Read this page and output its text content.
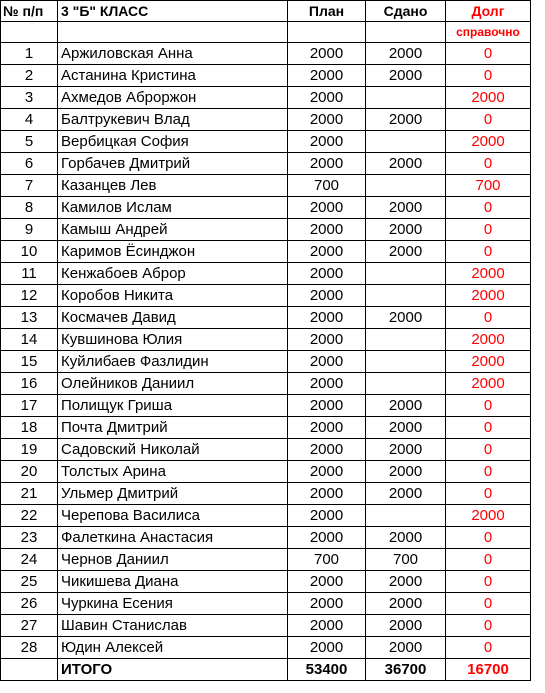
№ п/п	3 "Б" КЛАСС	План	Сдано	Долг
				справочно
1	Аржиловская Анна	2000	2000	0
2	Астанина Кристина	2000	2000	0
3	Ахмедов Аброржон	2000		2000
4	Балтрукевич Влад	2000	2000	0
5	Вербицкая София	2000		2000
6	Горбачев Дмитрий	2000	2000	0
7	Казанцев Лев	700		700
8	Камилов Ислам	2000	2000	0
9	Камыш Андрей	2000	2000	0
10	Каримов Ёсинджон	2000	2000	0
11	Кенжабоев Аброр	2000		2000
12	Коробов Никита	2000		2000
13	Космачев Давид	2000	2000	0
14	Кувшинова Юлия	2000		2000
15	Куйлибаев Фазлидин	2000		2000
16	Олейников Даниил	2000		2000
17	Полищук Гриша	2000	2000	0
18	Почта Дмитрий	2000	2000	0
19	Садовский Николай	2000	2000	0
20	Толстых Арина	2000	2000	0
21	Ульмер Дмитрий	2000	2000	0
22	Черепова Василиса	2000		2000
23	Фалеткина Анастасия	2000	2000	0
24	Чернов Даниил	700	700	0
25	Чикишева Диана	2000	2000	0
26	Чуркина Есения	2000	2000	0
27	Шавин Станислав	2000	2000	0
28	Юдин Алексей	2000	2000	0
	ИТОГО	53400	36700	16700
